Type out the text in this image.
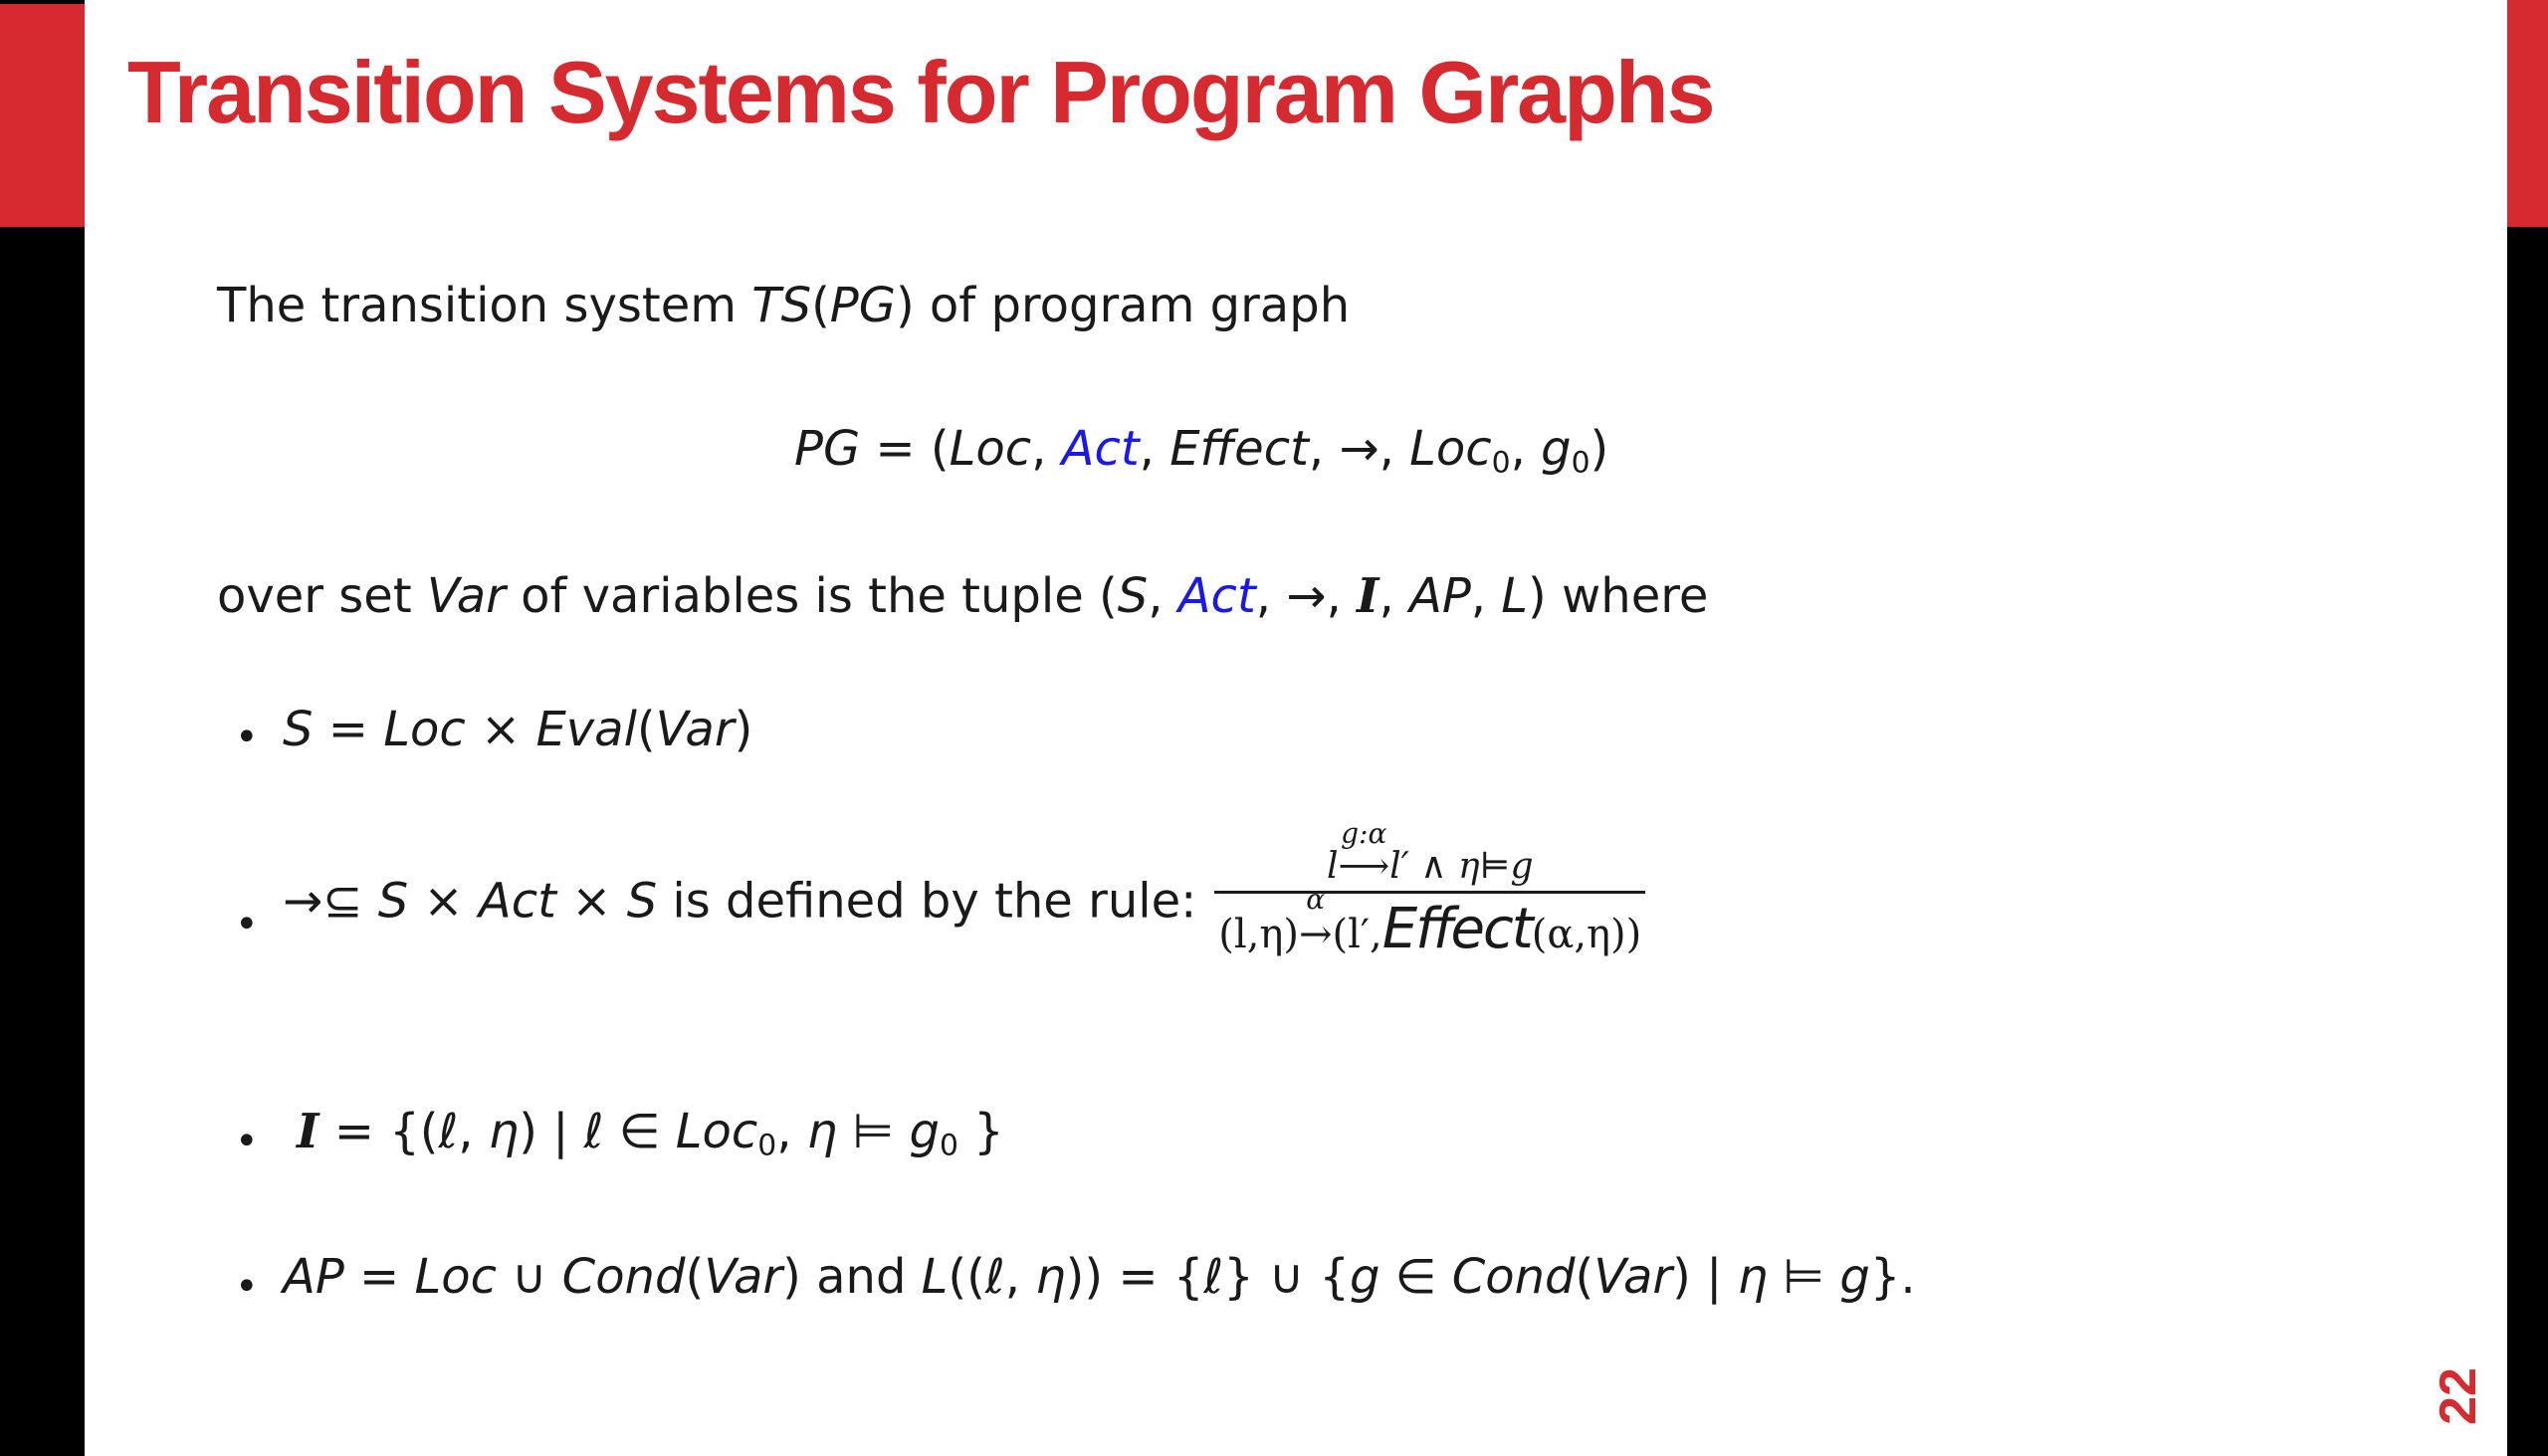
Transition Systems for Program Graphs
The transition system TS(PG) of program graph
PG = (Loc, Act, Effect, →, Loc$_0$, $g_0$)
over set Var of variables is the tuple (S, Act, →, I, AP, L) where
• S = Loc × Eval(Var)
• →⊆ S × Act × S is defined by the rule: l
g:α
⟶l′ ∧ η⊨g
(l,η)
α
→(l′,Effect(α,η))
• I = {(ℓ, η) | ℓ ∈ Loc$_0$, η ⊨ $g_0$ }
• AP = Loc ∪ Cond(Var) and L((ℓ, η)) = {ℓ} ∪ {g ∈ Cond(Var) | η ⊨ g}.
22
